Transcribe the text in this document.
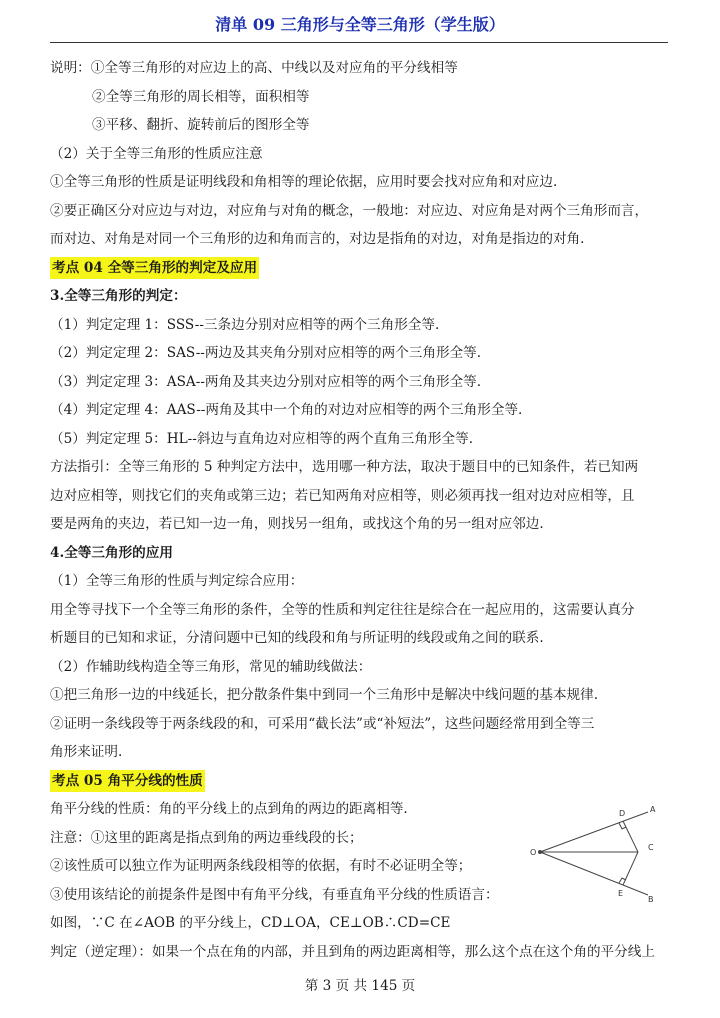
清单 09 三角形与全等三角形（学生版）
说明：①全等三角形的对应边上的高、中线以及对应角的平分线相等
②全等三角形的周长相等，面积相等
③平移、翻折、旋转前后的图形全等
（2）关于全等三角形的性质应注意
①全等三角形的性质是证明线段和角相等的理论依据，应用时要会找对应角和对应边.
②要正确区分对应边与对边，对应角与对角的概念，一般地：对应边、对应角是对两个三角形而言，
而对边、对角是对同一个三角形的边和角而言的，对边是指角的对边，对角是指边的对角.
考点 04 全等三角形的判定及应用
3.全等三角形的判定：
（1）判定定理 1：SSS--三条边分别对应相等的两个三角形全等.
（2）判定定理 2：SAS--两边及其夹角分别对应相等的两个三角形全等.
（3）判定定理 3：ASA--两角及其夹边分别对应相等的两个三角形全等.
（4）判定定理 4：AAS--两角及其中一个角的对边对应相等的两个三角形全等.
（5）判定定理 5：HL--斜边与直角边对应相等的两个直角三角形全等.
方法指引：全等三角形的 5 种判定方法中，选用哪一种方法，取决于题目中的已知条件，若已知两
边对应相等，则找它们的夹角或第三边；若已知两角对应相等，则必须再找一组对边对应相等，且
要是两角的夹边，若已知一边一角，则找另一组角，或找这个角的另一组对应邻边.
4.全等三角形的应用
（1）全等三角形的性质与判定综合应用：
用全等寻找下一个全等三角形的条件，全等的性质和判定往往是综合在一起应用的，这需要认真分
析题目的已知和求证，分清问题中已知的线段和角与所证明的线段或角之间的联系.
（2）作辅助线构造全等三角形，常见的辅助线做法：
①把三角形一边的中线延长，把分散条件集中到同一个三角形中是解决中线问题的基本规律.
②证明一条线段等于两条线段的和，可采用“截长法”或“补短法”，这些问题经常用到全等三
角形来证明.
考点 05 角平分线的性质
角平分线的性质：角的平分线上的点到角的两边的距离相等.
注意：①这里的距离是指点到角的两边垂线段的长；
②该性质可以独立作为证明两条线段相等的依据，有时不必证明全等；
③使用该结论的前提条件是图中有角平分线，有垂直角平分线的性质语言：
如图，∵C 在∠AOB 的平分线上，CD⊥OA，CE⊥OB∴CD=CE
判定（逆定理）：如果一个点在角的内部，并且到角的两边距离相等，那么这个点在这个角的平分线上
O
A
B
C
D
E
第 3 页 共 145 页
